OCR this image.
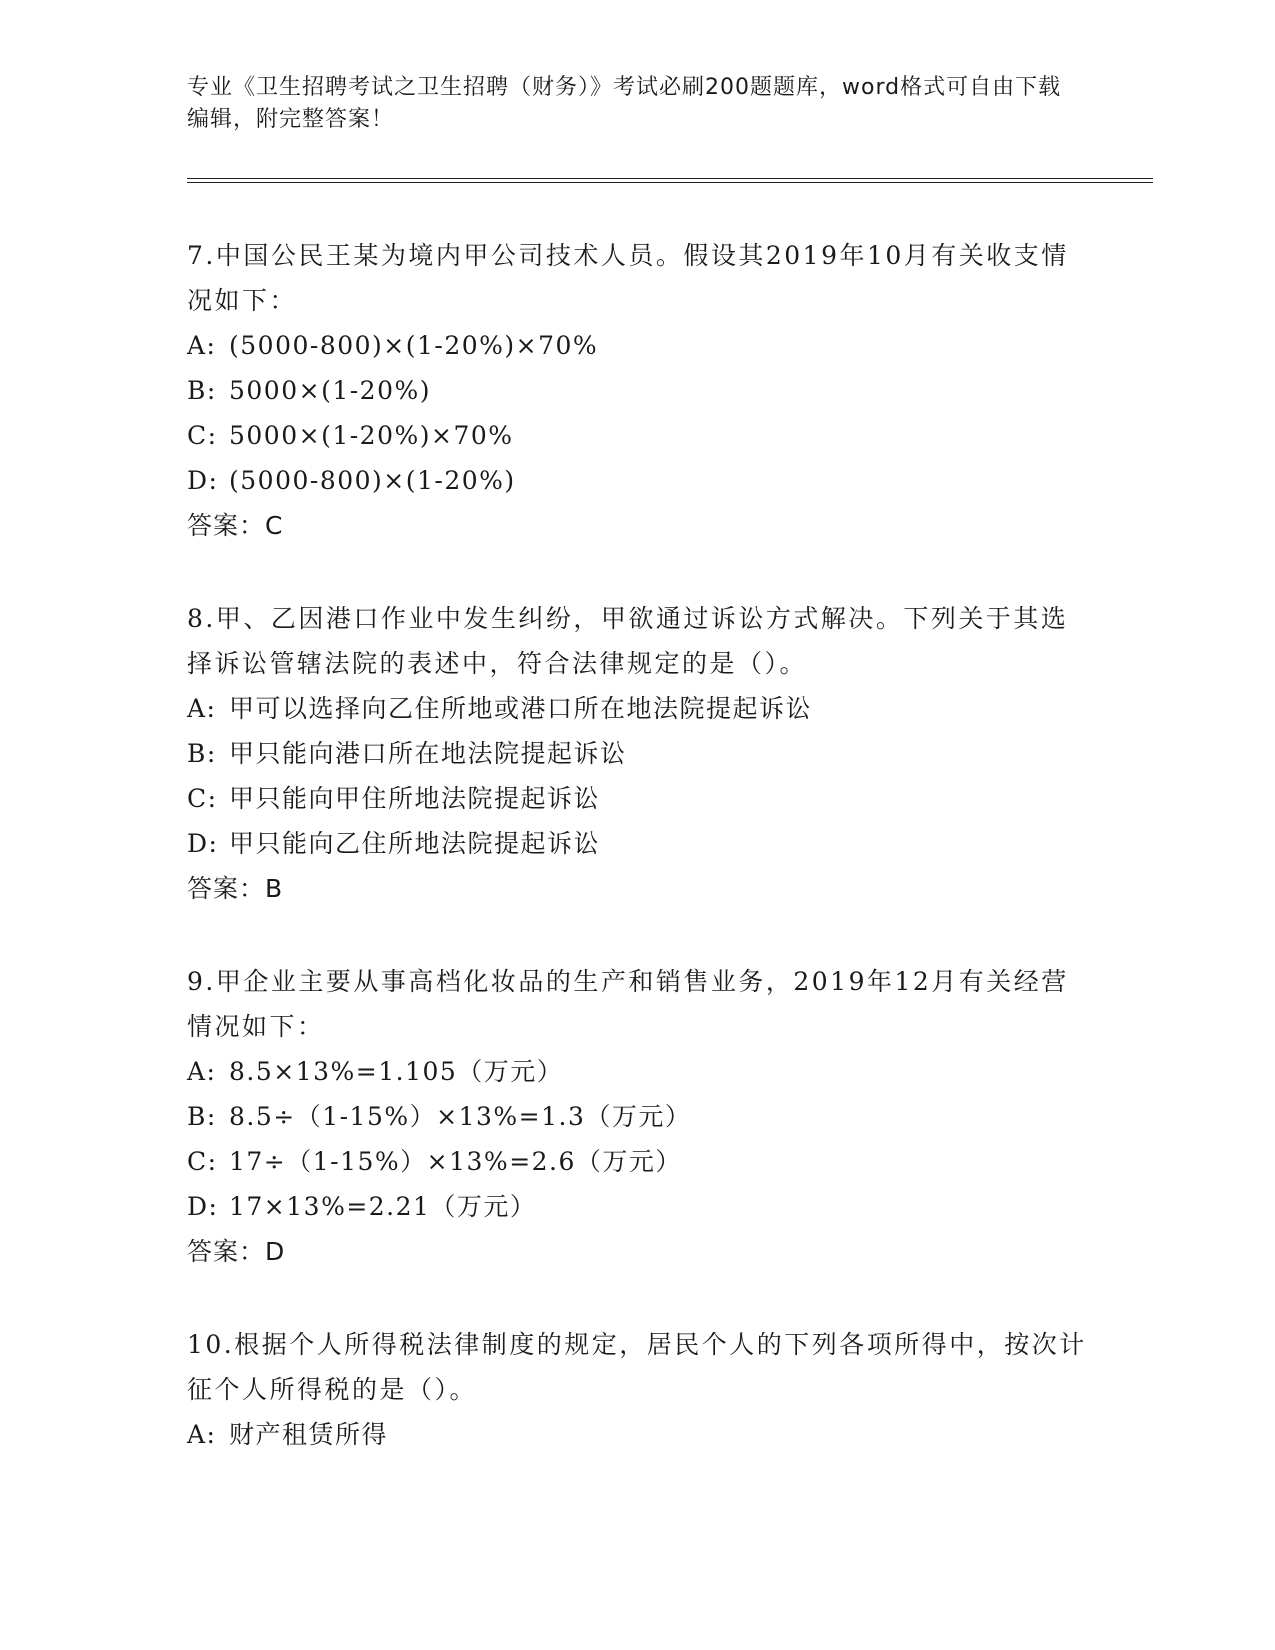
专业《卫生招聘考试之卫生招聘（财务）》考试必刷200题题库，word格式可自由下载编辑，附完整答案！
7.中国公民王某为境内甲公司技术人员。假设其2019年10月有关收支情况如下：
A: (5000-800)×(1-20%)×70%
B: 5000×(1-20%)
C: 5000×(1-20%)×70%
D: (5000-800)×(1-20%)
答案：C
8.甲、乙因港口作业中发生纠纷，甲欲通过诉讼方式解决。下列关于其选择诉讼管辖法院的表述中，符合法律规定的是（）。
A: 甲可以选择向乙住所地或港口所在地法院提起诉讼
B: 甲只能向港口所在地法院提起诉讼
C: 甲只能向甲住所地法院提起诉讼
D: 甲只能向乙住所地法院提起诉讼
答案：B
9.甲企业主要从事高档化妆品的生产和销售业务，2019年12月有关经营情况如下：
A: 8.5×13%=1.105（万元）
B: 8.5÷（1-15%）×13%=1.3（万元）
C: 17÷（1-15%）×13%=2.6（万元）
D: 17×13%=2.21（万元）
答案：D
10.根据个人所得税法律制度的规定，居民个人的下列各项所得中，按次计征个人所得税的是（）。
A: 财产租赁所得
